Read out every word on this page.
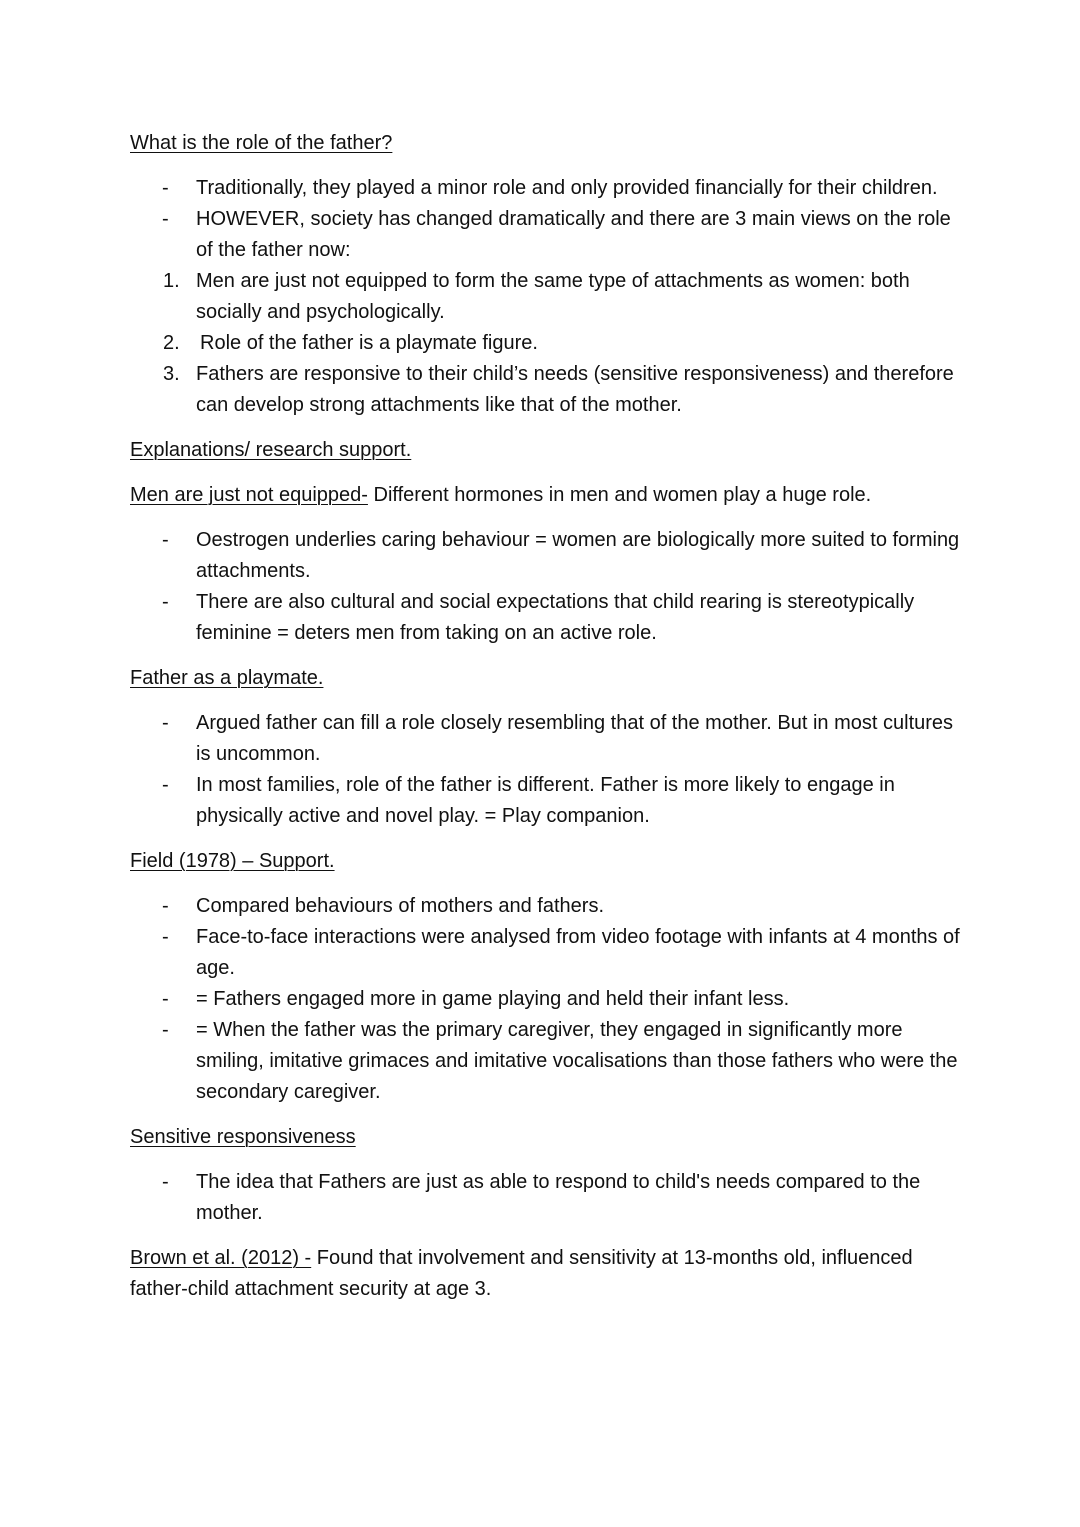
What is the role of the father?

- Traditionally, they played a minor role and only provided financially for their children.
- HOWEVER, society has changed dramatically and there are 3 main views on the role of the father now:
1. Men are just not equipped to form the same type of attachments as women: both socially and psychologically.
2. Role of the father is a playmate figure.
3. Fathers are responsive to their child’s needs (sensitive responsiveness) and therefore can develop strong attachments like that of the mother.

Explanations/ research support.

Men are just not equipped- Different hormones in men and women play a huge role.

- Oestrogen underlies caring behaviour = women are biologically more suited to forming attachments.
- There are also cultural and social expectations that child rearing is stereotypically feminine = deters men from taking on an active role.

Father as a playmate.

- Argued father can fill a role closely resembling that of the mother. But in most cultures is uncommon.
- In most families, role of the father is different. Father is more likely to engage in physically active and novel play. = Play companion.

Field (1978) – Support.

- Compared behaviours of mothers and fathers.
- Face-to-face interactions were analysed from video footage with infants at 4 months of age.
- = Fathers engaged more in game playing and held their infant less.
- = When the father was the primary caregiver, they engaged in significantly more smiling, imitative grimaces and imitative vocalisations than those fathers who were the secondary caregiver.

Sensitive responsiveness

- The idea that Fathers are just as able to respond to child's needs compared to the mother.

Brown et al. (2012) - Found that involvement and sensitivity at 13-months old, influenced father-child attachment security at age 3.
